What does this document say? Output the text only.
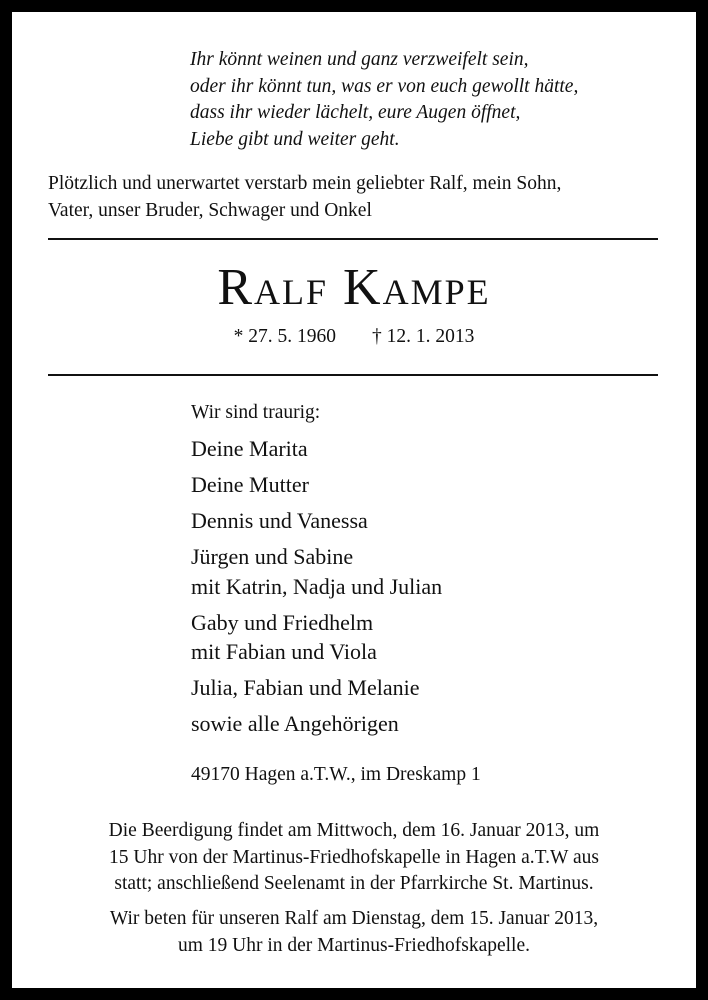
Ihr könnt weinen und ganz verzweifelt sein,
oder ihr könnt tun, was er von euch gewollt hätte,
dass ihr wieder lächelt, eure Augen öffnet,
Liebe gibt und weiter geht.
Plötzlich und unerwartet verstarb mein geliebter Ralf, mein Sohn,
Vater, unser Bruder, Schwager und Onkel
Ralf Kampe
* 27. 5. 1960 † 12. 1. 2013
Wir sind traurig:
Deine Marita
Deine Mutter
Dennis und Vanessa
Jürgen und Sabine
mit Katrin, Nadja und Julian
Gaby und Friedhelm
mit Fabian und Viola
Julia, Fabian und Melanie
sowie alle Angehörigen
49170 Hagen a.T.W., im Dreskamp 1
Die Beerdigung findet am Mittwoch, dem 16. Januar 2013, um
15 Uhr von der Martinus-Friedhofskapelle in Hagen a.T.W aus
statt; anschließend Seelenamt in der Pfarrkirche St. Martinus.
Wir beten für unseren Ralf am Dienstag, dem 15. Januar 2013,
um 19 Uhr in der Martinus-Friedhofskapelle.
